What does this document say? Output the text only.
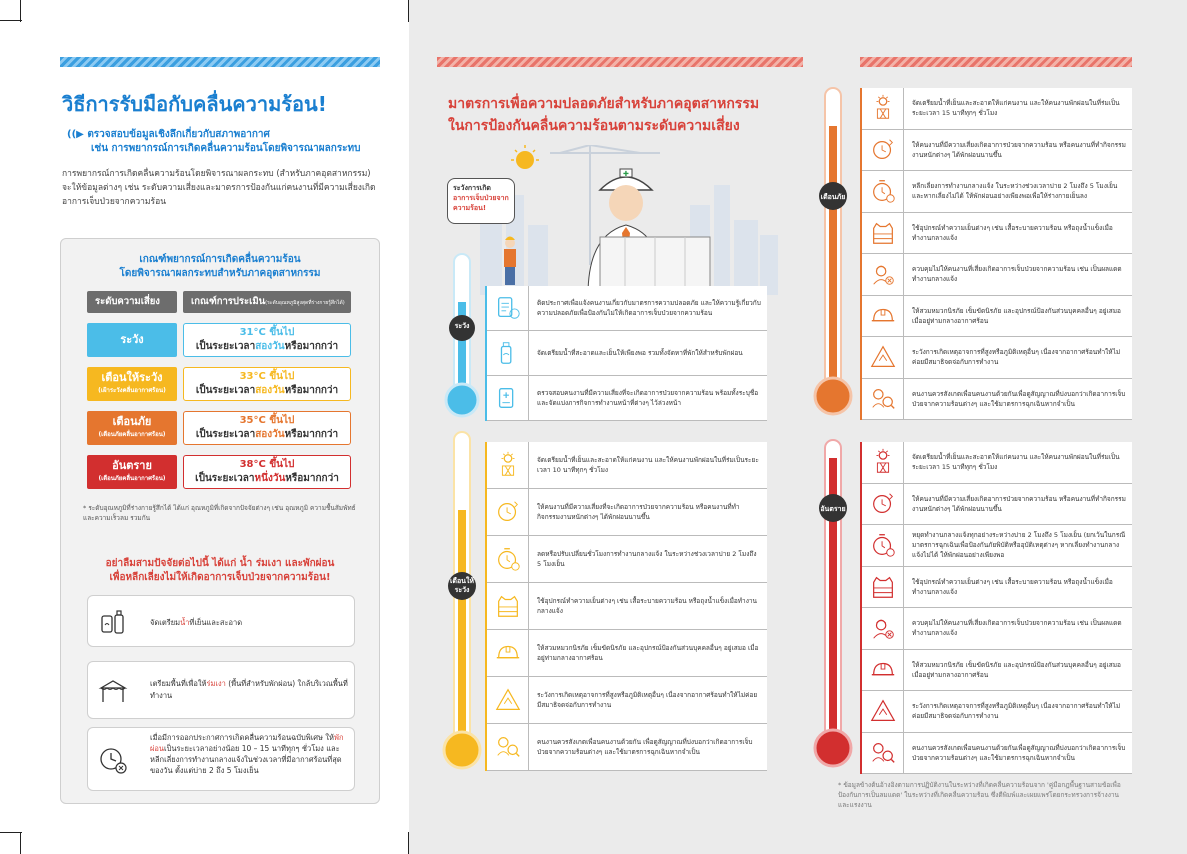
วิธีการรับมือกับคลื่นความร้อน!
((▶ ตรวจสอบข้อมูลเชิงลึกเกี่ยวกับสภาพอากาศ
เช่น การพยากรณ์การเกิดคลื่นความร้อนโดยพิจารณาผลกระทบ
การพยากรณ์การเกิดคลื่นความร้อนโดยพิจารณาผลกระทบ (สำหรับภาคอุตสาหกรรม) จะให้ข้อมูลต่างๆ เช่น ระดับความเสี่ยงและมาตรการป้องกันแก่คนงานที่มีความเสี่ยงเกิดอาการเจ็บป่วยจากความร้อน
เกณฑ์พยากรณ์การเกิดคลื่นความร้อน
โดยพิจารณาผลกระทบสำหรับภาคอุตสาหกรรม
ระดับความเสี่ยง	เกณฑ์การประเมิน(ระดับอุณหภูมิสูงสุดที่ร่างกายรู้สึกได้)
ระวัง
31°C ขึ้นไป
เป็นระยะเวลาสองวันหรือมากกว่า
เตือนให้ระวัง
(เฝ้าระวังคลื่นอากาศร้อน)
33°C ขึ้นไป
เป็นระยะเวลาสองวันหรือมากกว่า
เตือนภัย
(เตือนภัยคลื่นอากาศร้อน)
35°C ขึ้นไป
เป็นระยะเวลาสองวันหรือมากกว่า
อันตราย
(เตือนภัยคลื่นอากาศร้อน)
38°C ขึ้นไป
เป็นระยะเวลาหนึ่งวันหรือมากกว่า
* ระดับอุณหภูมิที่ร่างกายรู้สึกได้ ได้แก่ อุณหภูมิที่เกิดจากปัจจัยต่างๆ เช่น อุณหภูมิ ความชื้นสัมพัทธ์ และความเร็วลม รวมกัน
อย่าลืมสามปัจจัยต่อไปนี้ ได้แก่ น้ำ ร่มเงา และพักผ่อน
เพื่อหลีกเลี่ยงไม่ให้เกิดอาการเจ็บป่วยจากความร้อน!
จัดเตรียมน้ำที่เย็นและสะอาด
เตรียมพื้นที่เพื่อให้ร่มเงา (พื้นที่สำหรับพักผ่อน) ใกล้บริเวณพื้นที่ทำงาน
เมื่อมีการออกประกาศการเกิดคลื่นความร้อนฉบับพิเศษ ให้พักผ่อนเป็นระยะเวลาอย่างน้อย 10 – 15 นาทีทุกๆ ชั่วโมง และหลีกเลี่ยงการทำงานกลางแจ้งในช่วงเวลาที่มีอากาศร้อนที่สุดของวัน ตั้งแต่บ่าย 2 ถึง 5 โมงเย็น
มาตรการเพื่อความปลอดภัยสำหรับภาคอุตสาหกรรม
ในการป้องกันคลื่นความร้อนตามระดับความเสี่ยง
✚
ระวังการเกิด
อาการเจ็บป่วยจากความร้อน!
ระวัง
เตือนให้ระวัง
เตือนภัย
อันตราย
ติดประกาศเพื่อแจ้งคนงานเกี่ยวกับมาตรการความปลอดภัย และให้ความรู้เกี่ยวกับความปลอดภัยเพื่อป้องกันไม่ให้เกิดอาการเจ็บป่วยจากความร้อน
จัดเตรียมน้ำที่สะอาดและเย็นให้เพียงพอ รวมทั้งจัดหาที่พักให้สำหรับพักผ่อน
ตรวจสอบคนงานที่มีความเสี่ยงที่จะเกิดอาการป่วยจากความร้อน พร้อมทั้งระบุชื่อและจัดแบ่งภารกิจการทำงานหน้าที่ต่างๆ ไว้ล่วงหน้า
จัดเตรียมน้ำที่เย็นและสะอาดให้แก่คนงาน และให้คนงานพักผ่อนในที่ร่มเป็นระยะเวลา 10 นาทีทุกๆ ชั่วโมง
ให้คนงานที่มีความเสี่ยงที่จะเกิดอาการป่วยจากความร้อน หรือคนงานที่ทำกิจกรรมงานหนักต่างๆ ได้พักผ่อนนานขึ้น
ลดหรือปรับเปลี่ยนชั่วโมงการทำงานกลางแจ้ง ในระหว่างช่วงเวลาบ่าย 2 โมงถึง 5 โมงเย็น
ใช้อุปกรณ์ทำความเย็นต่างๆ เช่น เสื้อระบายความร้อน หรือถุงน้ำแข็งเมื่อทำงานกลางแจ้ง
ให้สวมหมวกนิรภัย เข็มขัดนิรภัย และอุปกรณ์ป้องกันส่วนบุคคลอื่นๆ อยู่เสมอ เมื่ออยู่ท่ามกลางอากาศร้อน
ระวังการเกิดเหตุอาจการที่สูงหรือภูมิติเหตุอื่นๆ เนื่องจากอากาศร้อนทำให้ไม่ค่อยมีสมาธิจดจ่อกับการทำงาน
คนงานควรสังเกตเพื่อนคนงานด้วยกัน เพื่อดูสัญญาณที่บ่งบอกว่าเกิดอาการเจ็บป่วยจากความร้อนต่างๆ และใช้มาตรการฉุกเฉินหากจำเป็น
จัดเตรียมน้ำที่เย็นและสะอาดให้แก่คนงาน และให้คนงานพักผ่อนในที่ร่มเป็นระยะเวลา 15 นาทีทุกๆ ชั่วโมง
ให้คนงานที่มีความเสี่ยงเกิดอาการป่วยจากความร้อน หรือคนงานที่ทำกิจกรรมงานหนักต่างๆ ได้พักผ่อนนานขึ้น
หลีกเลี่ยงการทำงานกลางแจ้ง ในระหว่างช่วงเวลาบ่าย 2 โมงถึง 5 โมงเย็น และหากเลี่ยงไม่ได้ ให้พักผ่อนอย่างเพียงพอเพื่อให้ร่างกายเย็นลง
ใช้อุปกรณ์ทำความเย็นต่างๆ เช่น เสื้อระบายความร้อน หรือถุงน้ำแข็งเมื่อทำงานกลางแจ้ง
ควบคุมไม่ให้คนงานที่เสี่ยงเกิดอาการเจ็บป่วยจากความร้อน เช่น เป็นผลแดด ทำงานกลางแจ้ง
ให้สวมหมวกนิรภัย เข็มขัดนิรภัย และอุปกรณ์ป้องกันส่วนบุคคลอื่นๆ อยู่เสมอ เมื่ออยู่ท่ามกลางอากาศร้อน
ระวังการเกิดเหตุอาจการที่สูงหรือภูมิติเหตุอื่นๆ เนื่องจากอากาศร้อนทำให้ไม่ค่อยมีสมาธิจดจ่อกับการทำงาน
คนงานควรสังเกตเพื่อนคนงานด้วยกันเพื่อดูสัญญาณที่บ่งบอกว่าเกิดอาการเจ็บป่วยจากความร้อนต่างๆ และใช้มาตรการฉุกเฉินหากจำเป็น
จัดเตรียมน้ำที่เย็นและสะอาดให้แก่คนงาน และให้คนงานพักผ่อนในที่ร่มเป็นระยะเวลา 15 นาทีทุกๆ ชั่วโมง
ให้คนงานที่มีความเสี่ยงเกิดอาการป่วยจากความร้อน หรือคนงานที่ทำกิจกรรมงานหนักต่างๆ ได้พักผ่อนนานขึ้น
หยุดทำงานกลางแจ้งทุกอย่างระหว่างบ่าย 2 โมงถึง 5 โมงเย็น (ยกเว้นในกรณีมาตรการฉุกเฉินเพื่อป้องกันภัยพิบัติหรืออุบัติเหตุต่างๆ หากเลี่ยงทำงานกลางแจ้งไม่ได้ ให้พักผ่อนอย่างเพียงพอ
ใช้อุปกรณ์ทำความเย็นต่างๆ เช่น เสื้อระบายความร้อน หรือถุงน้ำแข็งเมื่อทำงานกลางแจ้ง
ควบคุมไม่ให้คนงานที่เสี่ยงเกิดอาการเจ็บป่วยจากความร้อน เช่น เป็นผลแดด ทำงานกลางแจ้ง
ให้สวมหมวกนิรภัย เข็มขัดนิรภัย และอุปกรณ์ป้องกันส่วนบุคคลอื่นๆ อยู่เสมอ เมื่ออยู่ท่ามกลางอากาศร้อน
ระวังการเกิดเหตุอาจการที่สูงหรือภูมิติเหตุอื่นๆ เนื่องจากอากาศร้อนทำให้ไม่ค่อยมีสมาธิจดจ่อกับการทำงาน
คนงานควรสังเกตเพื่อนคนงานด้วยกันเพื่อดูสัญญาณที่บ่งบอกว่าเกิดอาการเจ็บป่วยจากความร้อนต่างๆ และใช้มาตรการฉุกเฉินหากจำเป็น
* ข้อมูลข้างต้นอ้างอิงตามการปฏิบัติงานในระหว่างที่เกิดคลื่นความร้อนจาก 'คู่มือกฎพื้นฐานสามข้อเพื่อป้องกันการเป็นลมแดด' ในระหว่างที่เกิดคลื่นความร้อน ซึ่งตีพิมพ์และเผยแพร่โดยกระทรวงการจ้างงานและแรงงาน
